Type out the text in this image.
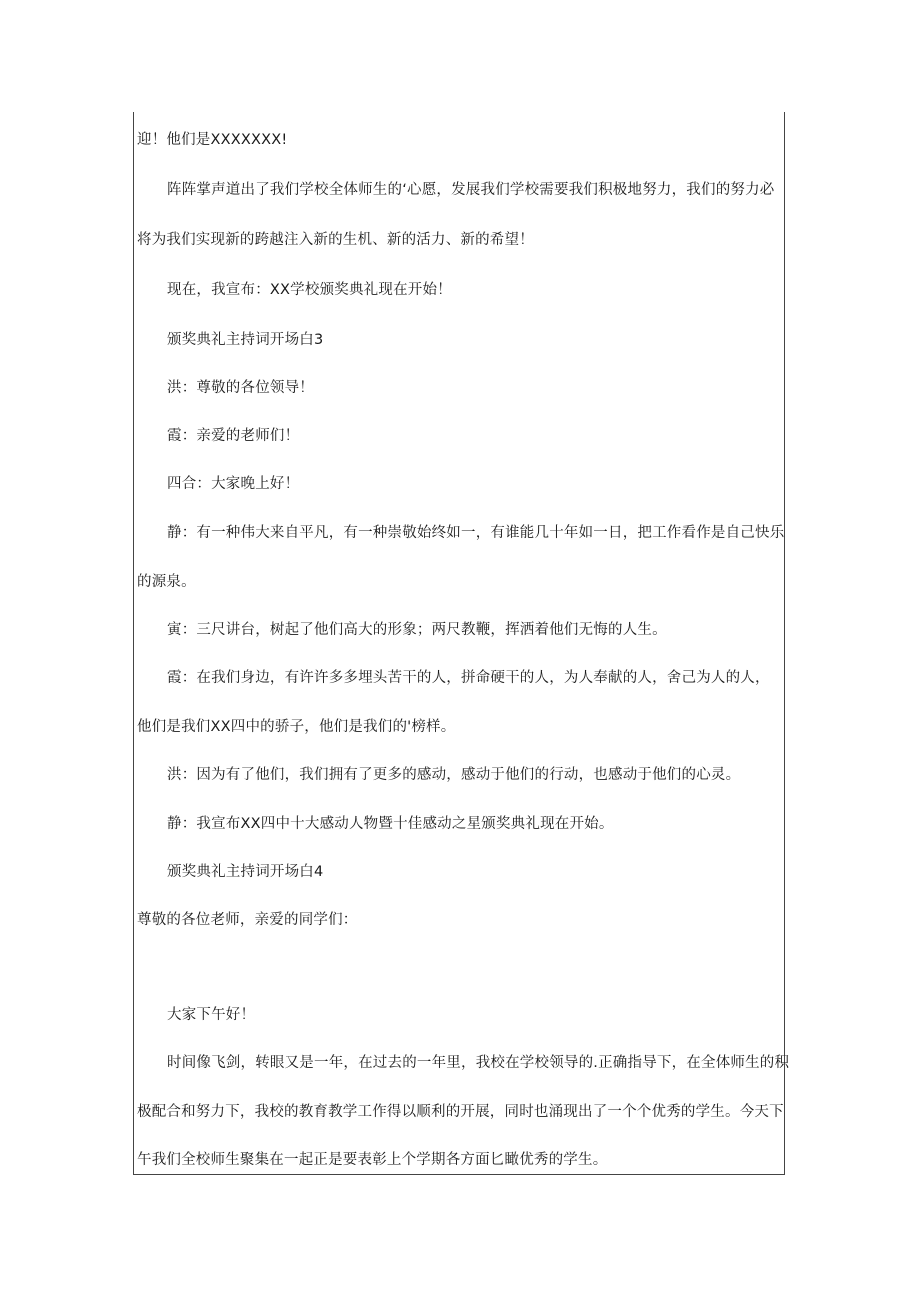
迎！他们是XXXXXXX!
阵阵掌声道出了我们学校全体师生的‘心愿，发展我们学校需要我们积极地努力，我们的努力必
将为我们实现新的跨越注入新的生机、新的活力、新的希望！
现在，我宣布：XX学校颁奖典礼现在开始！
颁奖典礼主持词开场白3
洪：尊敬的各位领导！
霞：亲爱的老师们！
四合：大家晚上好！
静：有一种伟大来自平凡，有一种崇敬始终如一，有谁能几十年如一日，把工作看作是自己快乐
的源泉。
寅：三尺讲台，树起了他们高大的形象；两尺教鞭，挥洒着他们无悔的人生。
霞：在我们身边，有许许多多埋头苦干的人，拼命硬干的人，为人奉献的人，舍己为人的人，
他们是我们XX四中的骄子，他们是我们的'榜样。
洪：因为有了他们，我们拥有了更多的感动，感动于他们的行动，也感动于他们的心灵。
静：我宣布XX四中十大感动人物暨十佳感动之星颁奖典礼现在开始。
颁奖典礼主持词开场白4
尊敬的各位老师，亲爱的同学们：
大家下午好！
时间像飞剑，转眼又是一年，在过去的一年里，我校在学校领导的.正确指导下，在全体师生的积
极配合和努力下，我校的教育教学工作得以顺利的开展，同时也涌现出了一个个优秀的学生。今天下
午我们全校师生聚集在一起正是要表彰上个学期各方面匕瞰优秀的学生。
